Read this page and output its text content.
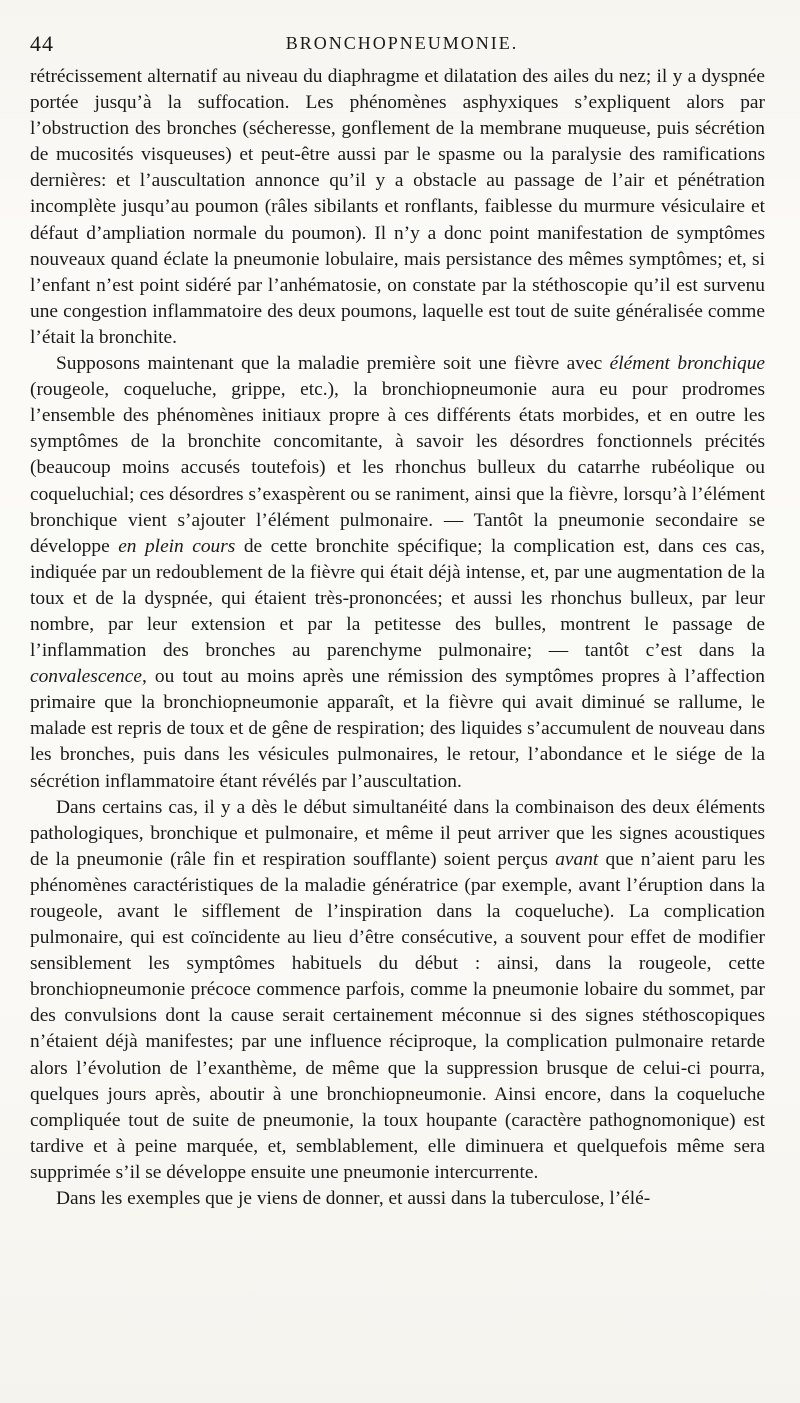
44	BRONCHOPNEUMONIE.

rétrécissement alternatif au niveau du diaphragme et dilatation des ailes du nez; il y a dyspnée portée jusqu’à la suffocation. Les phénomènes asphyxiques s’expliquent alors par l’obstruction des bronches (sécheresse, gonflement de la membrane muqueuse, puis sécrétion de mucosités visqueuses) et peut-être aussi par le spasme ou la paralysie des ramifications dernières: et l’auscultation annonce qu’il y a obstacle au passage de l’air et pénétration incomplète jusqu’au poumon (râles sibilants et ronflants, faiblesse du murmure vésiculaire et défaut d’ampliation normale du poumon). Il n’y a donc point manifestation de symptômes nouveaux quand éclate la pneumonie lobulaire, mais persistance des mêmes symptômes; et, si l’enfant n’est point sidéré par l’anhématosie, on constate par la stéthoscopie qu’il est survenu une congestion inflammatoire des deux poumons, laquelle est tout de suite généralisée comme l’était la bronchite.

Supposons maintenant que la maladie première soit une fièvre avec élément bronchique (rougeole, coqueluche, grippe, etc.), la bronchiopneumonie aura eu pour prodromes l’ensemble des phénomènes initiaux propre à ces différents états morbides, et en outre les symptômes de la bronchite concomitante, à savoir les désordres fonctionnels précités (beaucoup moins accusés toutefois) et les rhonchus bulleux du catarrhe rubéolique ou coqueluchial; ces désordres s’exaspèrent ou se raniment, ainsi que la fièvre, lorsqu’à l’élément bronchique vient s’ajouter l’élément pulmonaire. — Tantôt la pneumonie secondaire se développe en plein cours de cette bronchite spécifique; la complication est, dans ces cas, indiquée par un redoublement de la fièvre qui était déjà intense, et, par une augmentation de la toux et de la dyspnée, qui étaient très-prononcées; et aussi les rhonchus bulleux, par leur nombre, par leur extension et par la petitesse des bulles, montrent le passage de l’inflammation des bronches au parenchyme pulmonaire; — tantôt c’est dans la convalescence, ou tout au moins après une rémission des symptômes propres à l’affection primaire que la bronchiopneumonie apparaît, et la fièvre qui avait diminué se rallume, le malade est repris de toux et de gêne de respiration; des liquides s’accumulent de nouveau dans les bronches, puis dans les vésicules pulmonaires, le retour, l’abondance et le siége de la sécrétion inflammatoire étant révélés par l’auscultation.

Dans certains cas, il y a dès le début simultanéité dans la combinaison des deux éléments pathologiques, bronchique et pulmonaire, et même il peut arriver que les signes acoustiques de la pneumonie (râle fin et respiration soufflante) soient perçus avant que n’aient paru les phénomènes caractéristiques de la maladie génératrice (par exemple, avant l’éruption dans la rougeole, avant le sifflement de l’inspiration dans la coqueluche). La complication pulmonaire, qui est coïncidente au lieu d’être consécutive, a souvent pour effet de modifier sensiblement les symptômes habituels du début : ainsi, dans la rougeole, cette bronchiopneumonie précoce commence parfois, comme la pneumonie lobaire du sommet, par des convulsions dont la cause serait certainement méconnue si des signes stéthoscopiques n’étaient déjà manifestes; par une influence réciproque, la complication pulmonaire retarde alors l’évolution de l’exanthème, de même que la suppression brusque de celui-ci pourra, quelques jours après, aboutir à une bronchiopneumonie. Ainsi encore, dans la coqueluche compliquée tout de suite de pneumonie, la toux houpante (caractère pathognomonique) est tardive et à peine marquée, et, semblablement, elle diminuera et quelquefois même sera supprimée s’il se développe ensuite une pneumonie intercurrente.

Dans les exemples que je viens de donner, et aussi dans la tuberculose, l’élé-
